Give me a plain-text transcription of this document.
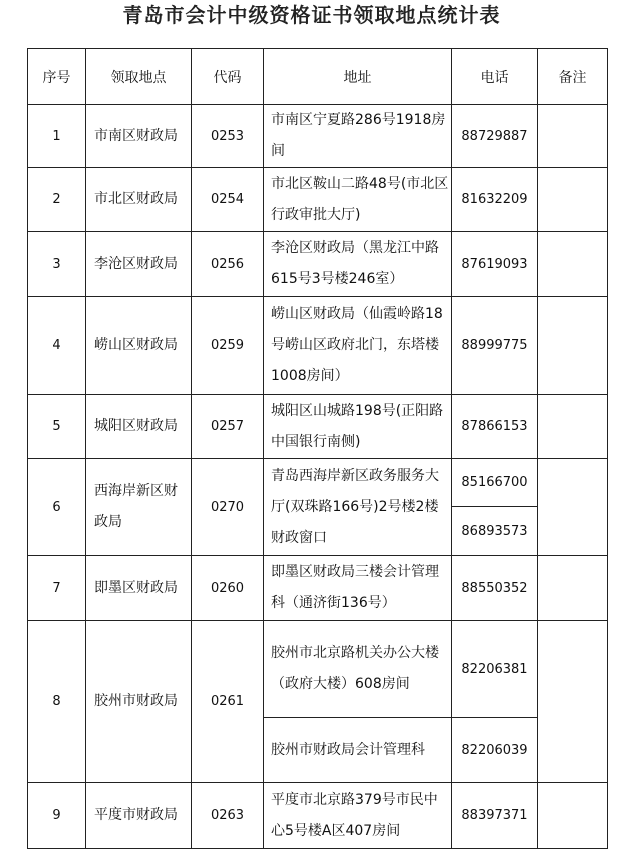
青岛市会计中级资格证书领取地点统计表
序号	领取地点	代码	地址	电话	备注
1	市南区财政局	0253	市南区宁夏路286号1918房间	88729887	
2	市北区财政局	0254	市北区鞍山二路48号(市北区行政审批大厅)	81632209	
3	李沧区财政局	0256	李沧区财政局（黑龙江中路615号3号楼246室）	87619093	
4	崂山区财政局	0259	崂山区财政局（仙霞岭路18号崂山区政府北门，东塔楼1008房间）	88999775	
5	城阳区财政局	0257	城阳区山城路198号(正阳路中国银行南侧)	87866153	
6	西海岸新区财政局	0270	青岛西海岸新区政务服务大厅(双珠路166号)2号楼2楼财政窗口	85166700	
				86893573	
7	即墨区财政局	0260	即墨区财政局三楼会计管理科（通济街136号）	88550352	
8	胶州市财政局	0261	胶州市北京路机关办公大楼（政府大楼）608房间	82206381	
			胶州市财政局会计管理科	82206039	
9	平度市财政局	0263	平度市北京路379号市民中心5号楼A区407房间	88397371	
